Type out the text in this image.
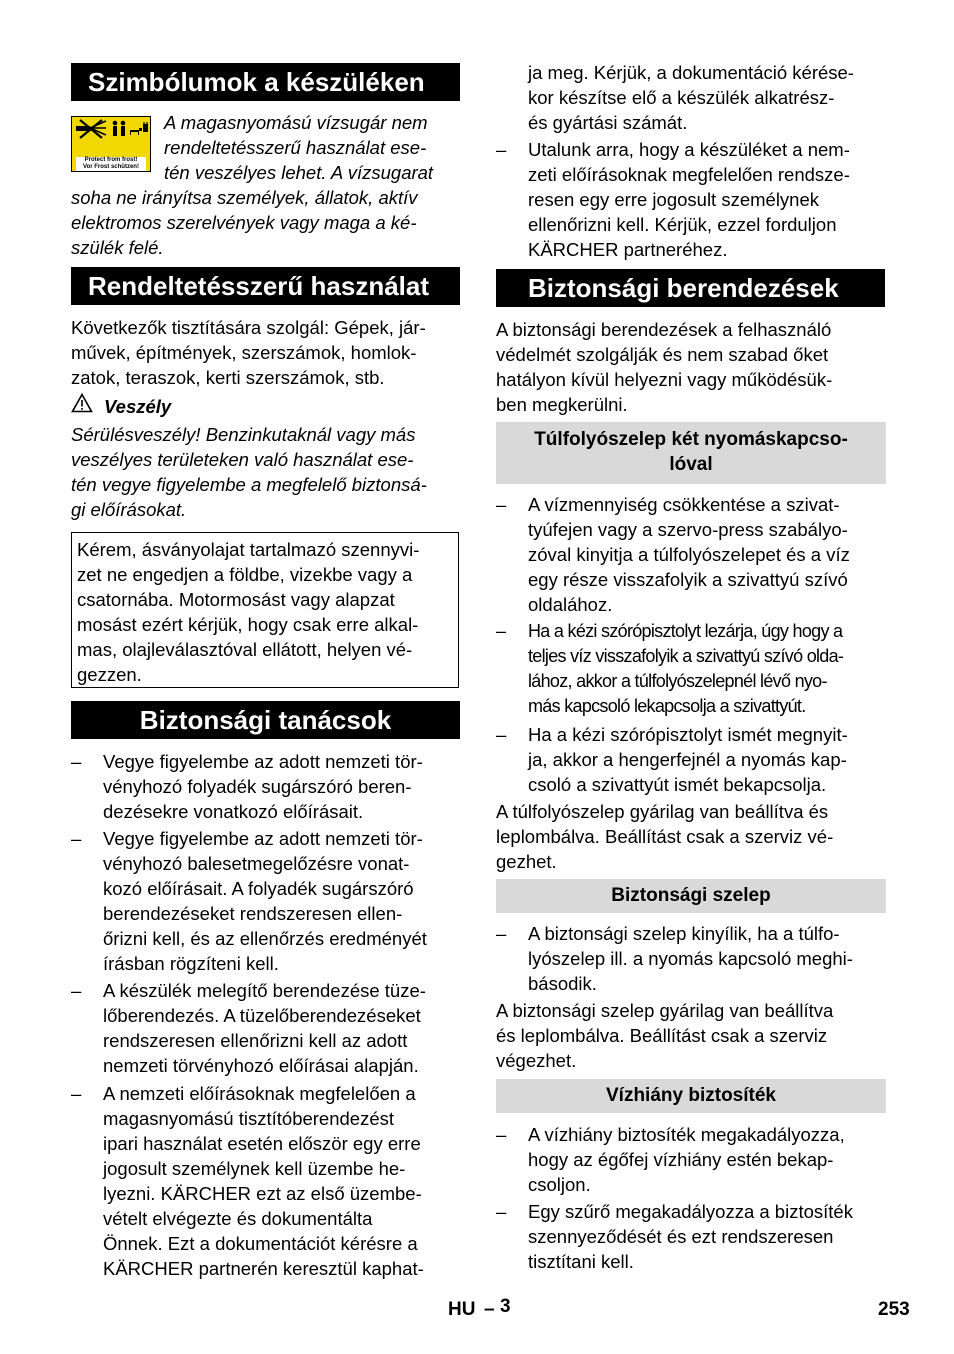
Szimbólumok a készüléken
Protect from frost!
Vor Frost schützen!
A magasnyomású vízsugár nem
rendeltetésszerű használat ese-
tén veszélyes lehet. A vízsugarat
soha ne irányítsa személyek, állatok, aktív
elektromos szerelvények vagy maga a ké-
szülék felé.
Rendeltetésszerű használat
Következők tisztítására szolgál: Gépek, jár-
művek, építmények, szerszámok, homlok-
zatok, teraszok, kerti szerszámok, stb.
Veszély
Sérülésveszély! Benzinkutaknál vagy más
veszélyes területeken való használat ese-
tén vegye figyelembe a megfelelő biztonsá-
gi előírásokat.
Kérem, ásványolajat tartalmazó szennyvi-
zet ne engedjen a földbe, vizekbe vagy a
csatornába. Motormosást vagy alapzat
mosást ezért kérjük, hogy csak erre alkal-
mas, olajleválasztóval ellátott, helyen vé-
gezzen.
Biztonsági tanácsok
–	Vegye figyelembe az adott nemzeti tör-
vényhozó folyadék sugárszóró beren-
dezésekre vonatkozó előírásait.
–	Vegye figyelembe az adott nemzeti tör-
vényhozó balesetmegelőzésre vonat-
kozó előírásait. A folyadék sugárszóró
berendezéseket rendszeresen ellen-
őrizni kell, és az ellenőrzés eredményét
írásban rögzíteni kell.
–	A készülék melegítő berendezése tüze-
lőberendezés. A tüzelőberendezéseket
rendszeresen ellenőrizni kell az adott
nemzeti törvényhozó előírásai alapján.
–	A nemzeti előírásoknak megfelelően a
magasnyomású tisztítóberendezést
ipari használat esetén először egy erre
jogosult személynek kell üzembe he-
lyezni. KÄRCHER ezt az első üzembe-
vételt elvégezte és dokumentálta
Önnek. Ezt a dokumentációt kérésre a
KÄRCHER partnerén keresztül kaphat-
ja meg. Kérjük, a dokumentáció kérése-
kor készítse elő a készülék alkatrész-
és gyártási számát.
–	Utalunk arra, hogy a készüléket a nem-
zeti előírásoknak megfelelően rendsze-
resen egy erre jogosult személynek
ellenőrizni kell. Kérjük, ezzel forduljon
KÄRCHER partneréhez.
Biztonsági berendezések
A biztonsági berendezések a felhasználó
védelmét szolgálják és nem szabad őket
hatályon kívül helyezni vagy működésük-
ben megkerülni.
Túlfolyószelep két nyomáskapcso-
lóval
–	A vízmennyiség csökkentése a szivat-
tyúfejen vagy a szervo-press szabályo-
zóval kinyitja a túlfolyószelepet és a víz
egy része visszafolyik a szivattyú szívó
oldalához.
–	Ha a kézi szórópisztolyt lezárja, úgy hogy a
teljes víz visszafolyik a szivattyú szívó olda-
lához, akkor a túlfolyószelepnél lévő nyo-
más kapcsoló lekapcsolja a szivattyút.
–	Ha a kézi szórópisztolyt ismét megnyit-
ja, akkor a hengerfejnél a nyomás kap-
csoló a szivattyút ismét bekapcsolja.
A túlfolyószelep gyárilag van beállítva és
leplombálva. Beállítást csak a szerviz vé-
gezhet.
Biztonsági szelep
–	A biztonsági szelep kinyílik, ha a túlfo-
lyószelep ill. a nyomás kapcsoló meghi-
básodik.
A biztonsági szelep gyárilag van beállítva
és leplombálva. Beállítást csak a szerviz
végezhet.
Vízhiány biztosíték
–	A vízhiány biztosíték megakadályozza,
hogy az égőfej vízhiány estén bekap-
csoljon.
–	Egy szűrő megakadályozza a biztosíték
szennyeződését és ezt rendszeresen
tisztítani kell.
HU – 3	253
